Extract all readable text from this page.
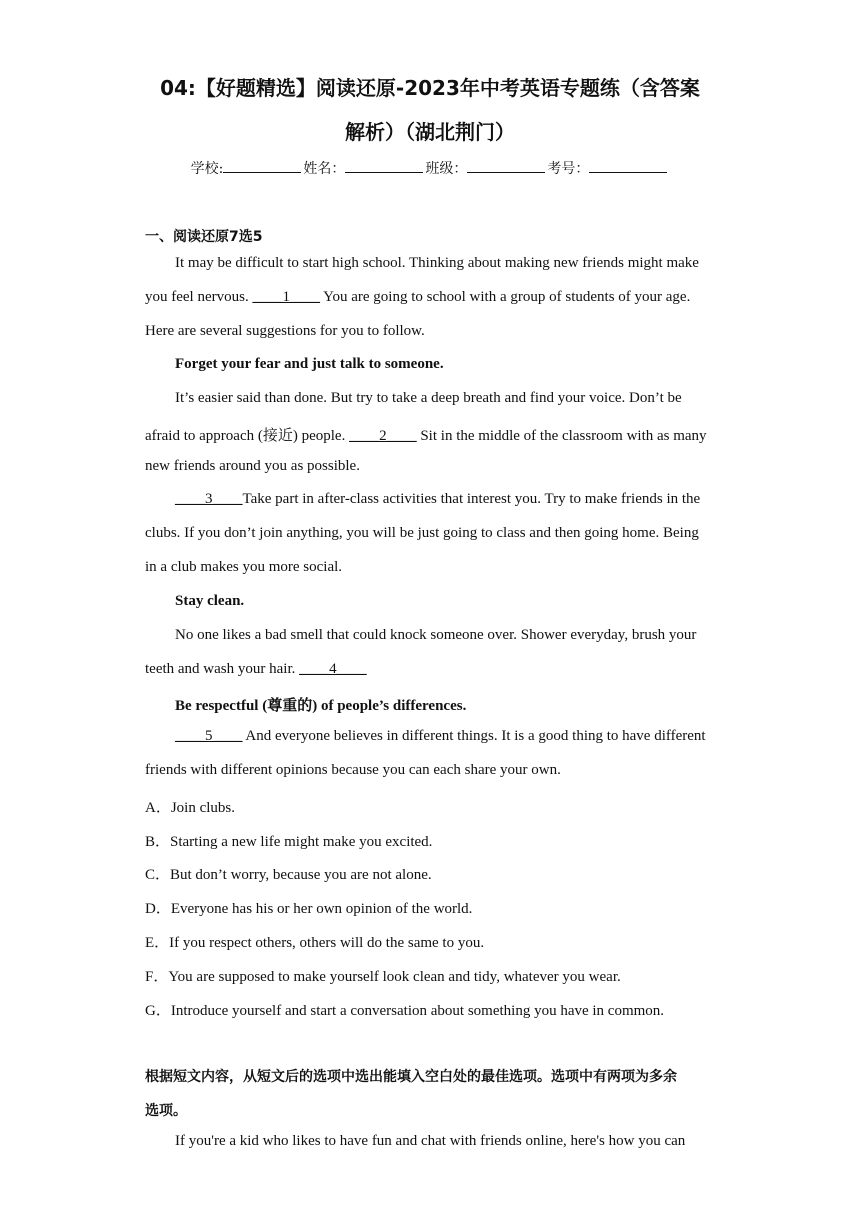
04:【好题精选】阅读还原-2023年中考英语专题练（含答案
解析）（湖北荆门）
学校:	姓名：	班级：	考号：
一、阅读还原7选5
It may be difficult to start high school. Thinking about making new friends might make
you feel nervous. ____1____ You are going to school with a group of students of your age.
Here are several suggestions for you to follow.
Forget your fear and just talk to someone.
It’s easier said than done. But try to take a deep breath and find your voice. Don’t be
afraid to approach (接近) people. ____2____ Sit in the middle of the classroom with as many
new friends around you as possible.
____3____Take part in after-class activities that interest you. Try to make friends in the
clubs. If you don’t join anything, you will be just going to class and then going home. Being
in a club makes you more social.
Stay clean.
No one likes a bad smell that could knock someone over. Shower everyday, brush your
teeth and wash your hair. ____4____
Be respectful (尊重的) of people’s differences.
____5____ And everyone believes in different things. It is a good thing to have different
friends with different opinions because you can each share your own.
A．Join clubs.
B．Starting a new life might make you excited.
C．But don’t worry, because you are not alone.
D．Everyone has his or her own opinion of the world.
E．If you respect others, others will do the same to you.
F．You are supposed to make yourself look clean and tidy, whatever you wear.
G．Introduce yourself and start a conversation about something you have in common.
根据短文内容，从短文后的选项中选出能填入空白处的最佳选项。选项中有两项为多余
选项。
If you're a kid who likes to have fun and chat with friends online, here's how you can
